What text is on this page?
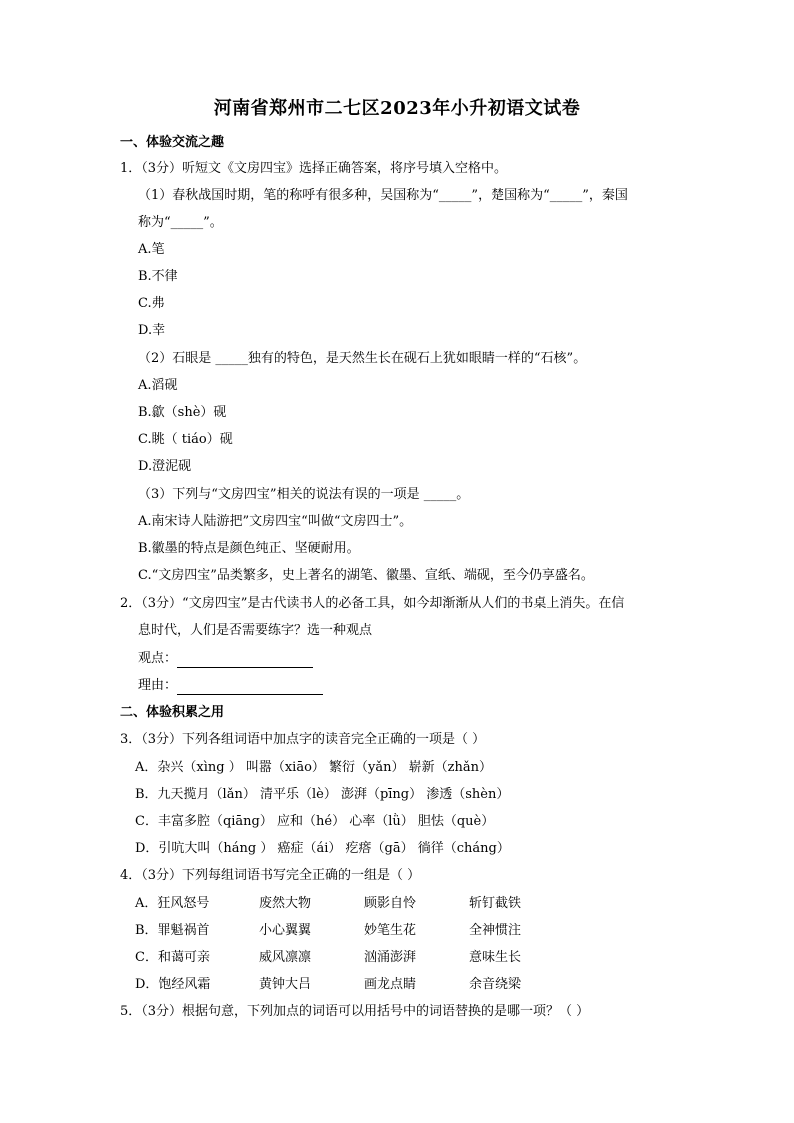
河南省郑州市二七区2023年小升初语文试卷
一、体验交流之趣
1．（3分）听短文《文房四宝》选择正确答案，将序号填入空格中。
（1）春秋战国时期，笔的称呼有很多种，吴国称为“_____”，楚国称为“_____”，秦国
称为“_____”。
A.笔
B.不律
C.弗
D.幸
（2）石眼是 _____独有的特色，是天然生长在砚石上犹如眼睛一样的“石核”。
A.滔砚
B.歙（shè）砚
C.眺（ tiáo）砚
D.澄泥砚
（3）下列与“文房四宝”相关的说法有误的一项是 _____。
A.南宋诗人陆游把”文房四宝“叫做“文房四士”。
B.徽墨的特点是颜色纯正、坚硬耐用。
C.“文房四宝”品类繁多，史上著名的湖笔、徽墨、宣纸、端砚，至今仍享盛名。
2．（3分）“文房四宝”是古代读书人的必备工具，如今却渐渐从人们的书桌上消失。在信
息时代，人们是否需要练字？选一种观点
观点：
理由：
二、体验积累之用
3．（3分）下列各组词语中加点字的读音完全正确的一项是（ ）
A．杂兴（xìng ） 叫嚣（xiāo） 繁衍（yǎn） 崭新（zhǎn）
B．九天揽月（lǎn） 清平乐（lè） 澎湃（pīng） 渗透（shèn）
C．丰富多腔（qiāng） 应和（hé） 心率（lǜ） 胆怯（què）
D．引吭大叫（háng ） 癌症（ái） 疙瘩（gā） 徜徉（cháng）
4．（3分）下列每组词语书写完全正确的一组是（ ）
A．狂风怒号	废然大物	顾影自怜	斩钉截铁
B．罪魁祸首	小心翼翼	妙笔生花	全神惯注
C．和蔼可亲	威风凛凛	汹涌澎湃	意味生长
D．饱经风霜	黄钟大吕	画龙点睛	余音绕梁
5．（3分）根据句意，下列加点的词语可以用括号中的词语替换的是哪一项？（ ）
